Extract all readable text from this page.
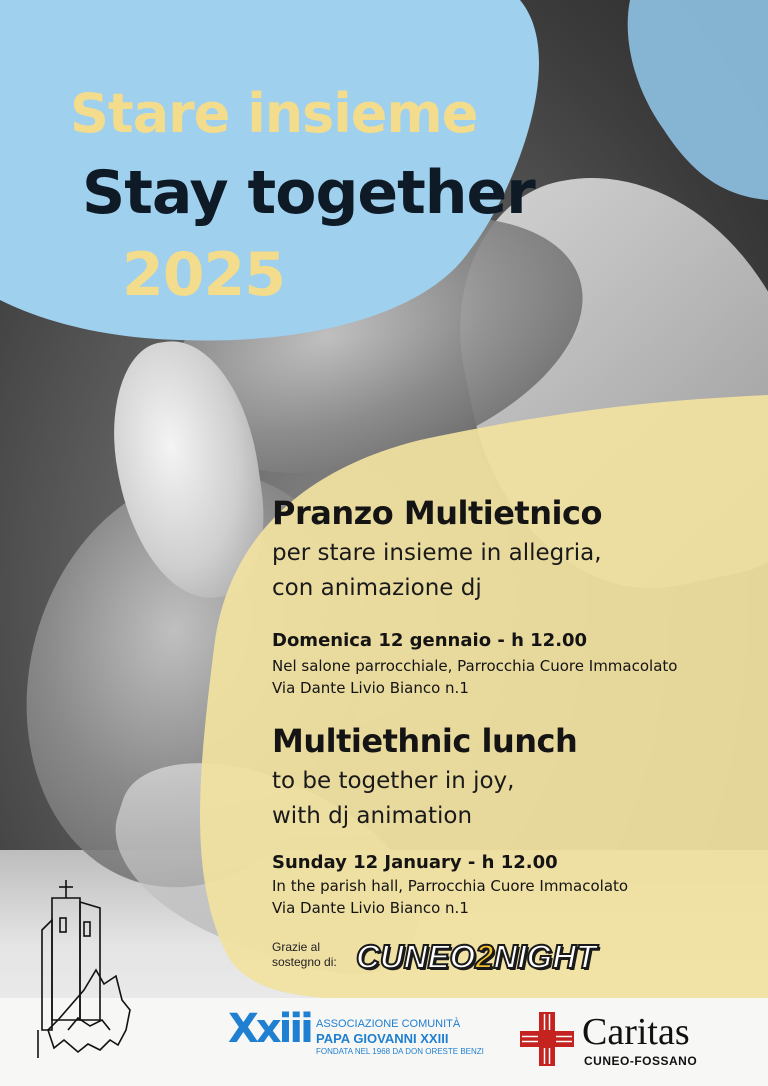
Stare insieme
Stay together
2025

Pranzo Multietnico

per stare insieme in allegria,

con animazione dj

Domenica 12 gennaio - h 12.00

Nel salone parrocchiale, Parrocchia Cuore Immacolato

Via Dante Livio Bianco n.1

Multiethnic lunch

to be together in joy,

with dj animation

Sunday 12 January - h 12.00

In the parish hall, Parrocchia Cuore Immacolato

Via Dante Livio Bianco n.1

Grazie al
sostegno di: CUNEO2NIGHT
Xxiii ASSOCIAZIONE COMUNITÀ
PAPA GIOVANNI XXIII
FONDATA NEL 1968 DA DON ORESTE BENZI	Caritas
CUNEO-FOSSANO
